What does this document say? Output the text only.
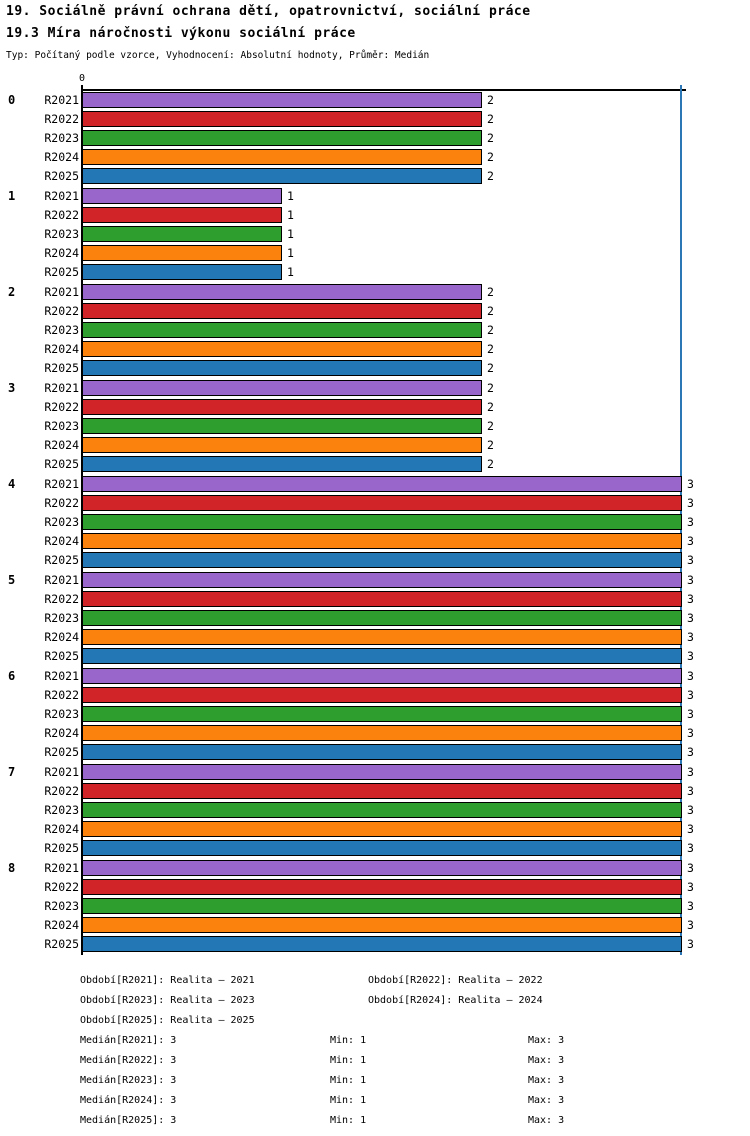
19. Sociálně právní ochrana dětí, opatrovnictví, sociální práce
19.3 Míra náročnosti výkonu sociální práce
Typ: Počítaný podle vzorce, Vyhodnocení: Absolutní hodnoty, Průměr: Medián
0
0	R2021	2
R2022	2
R2023	2
R2024	2
R2025	2
1	R2021	1
R2022	1
R2023	1
R2024	1
R2025	1
2	R2021	2
R2022	2
R2023	2
R2024	2
R2025	2
3	R2021	2
R2022	2
R2023	2
R2024	2
R2025	2
4	R2021	3
R2022	3
R2023	3
R2024	3
R2025	3
5	R2021	3
R2022	3
R2023	3
R2024	3
R2025	3
6	R2021	3
R2022	3
R2023	3
R2024	3
R2025	3
7	R2021	3
R2022	3
R2023	3
R2024	3
R2025	3
8	R2021	3
R2022	3
R2023	3
R2024	3
R2025	3
Období[R2021]: Realita – 2021	Období[R2022]: Realita – 2022
Období[R2023]: Realita – 2023	Období[R2024]: Realita – 2024
Období[R2025]: Realita – 2025
Medián[R2021]: 3	Min: 1	Max: 3
Medián[R2022]: 3	Min: 1	Max: 3
Medián[R2023]: 3	Min: 1	Max: 3
Medián[R2024]: 3	Min: 1	Max: 3
Medián[R2025]: 3	Min: 1	Max: 3
